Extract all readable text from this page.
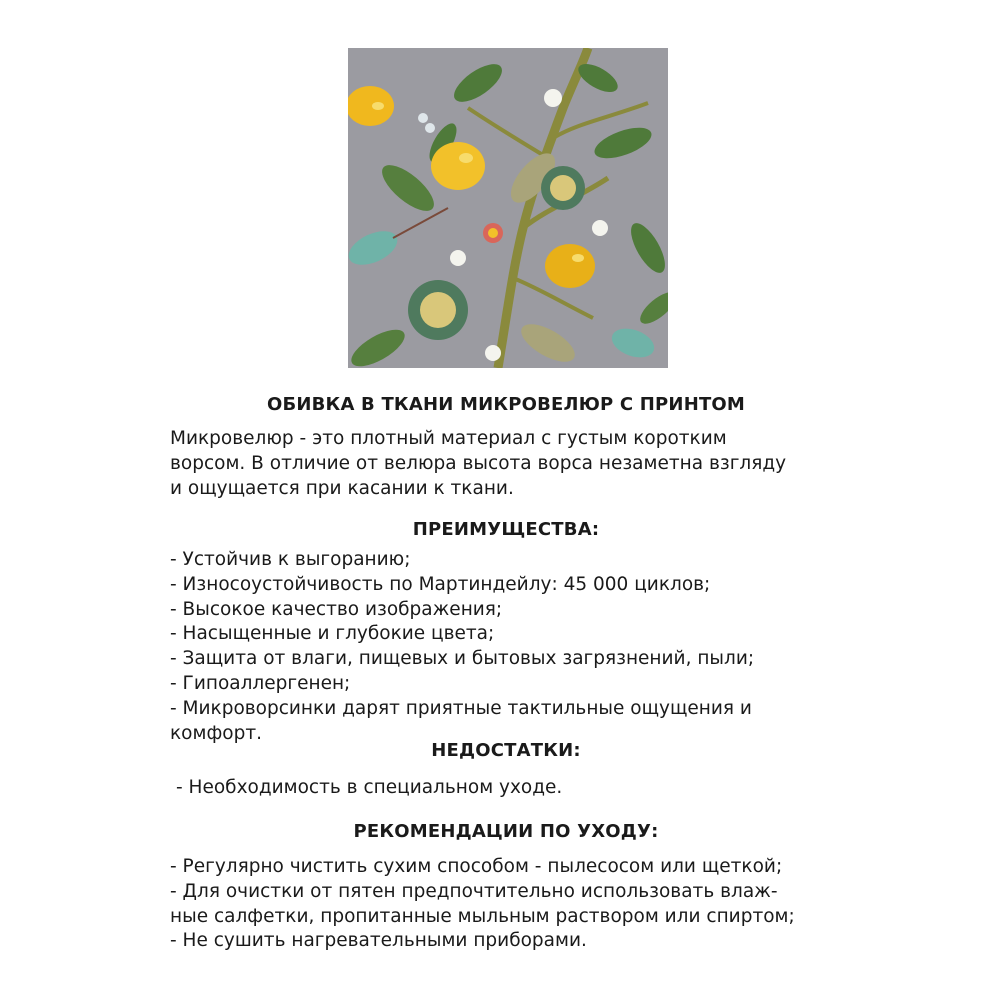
ОБИВКА В ТКАНИ МИКРОВЕЛЮР С ПРИНТОМ

Микровелюр - это плотный материал с густым коротким
ворсом. В отличие от велюра высота ворса незаметна взгляду
и ощущается при касании к ткани.

ПРЕИМУЩЕСТВА:
- Устойчив к выгоранию;
- Износоустойчивость по Мартиндейлу: 45 000 циклов;
- Высокое качество изображения;
- Насыщенные и глубокие цвета;
- Защита от влаги, пищевых и бытовых загрязнений, пыли;
- Гипоаллергенен;
- Микроворсинки дарят приятные тактильные ощущения и
комфорт.
НЕДОСТАТКИ:
- Необходимость в специальном уходе.
РЕКОМЕНДАЦИИ ПО УХОДУ:
- Регулярно чистить сухим способом - пылесосом или щеткой;
- Для очистки от пятен предпочтительно использовать влаж-
ные салфетки, пропитанные мыльным раствором или спиртом;
- Не сушить нагревательными приборами.
